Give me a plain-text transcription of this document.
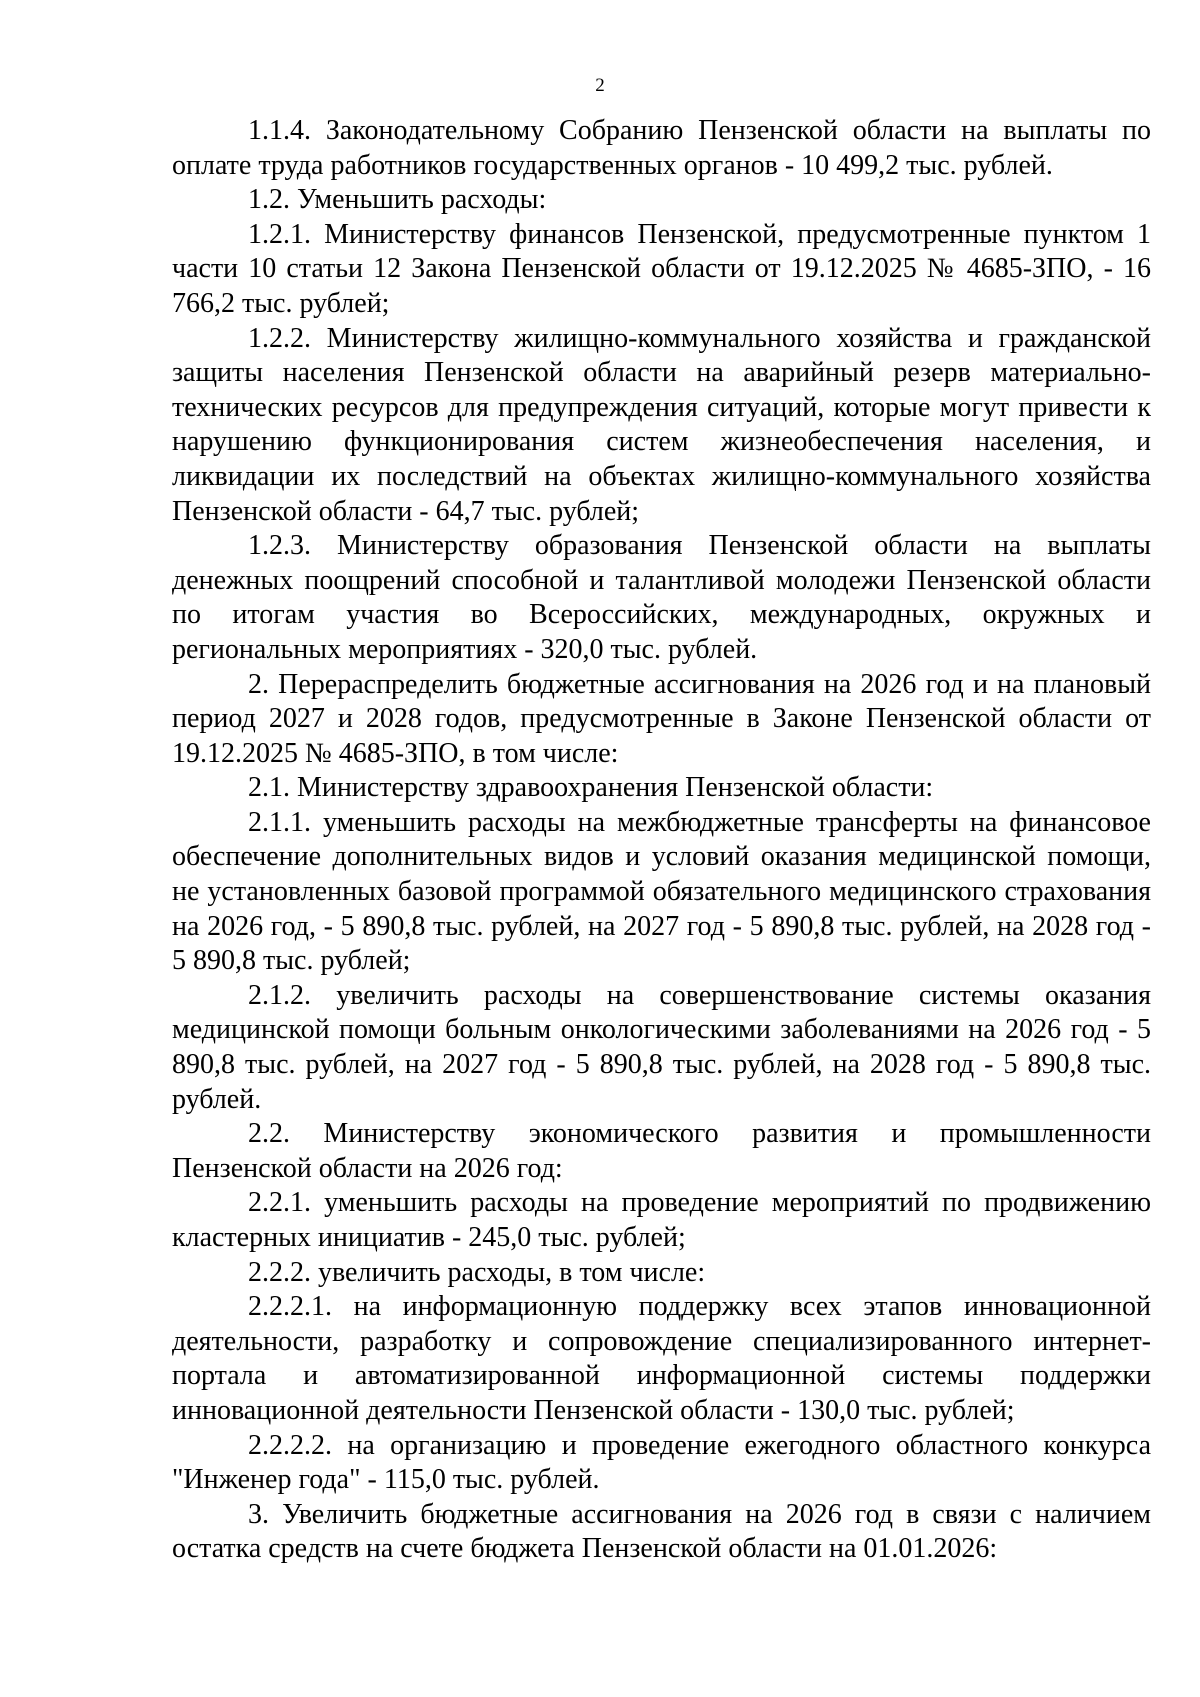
2

1.1.4. Законодательному Собранию Пензенской области на выплаты по оплате труда работников государственных органов - 10 499,2 тыс. рублей.

1.2. Уменьшить расходы:

1.2.1. Министерству финансов Пензенской, предусмотренные пунктом 1 части 10 статьи 12 Закона Пензенской области от 19.12.2025 № 4685-ЗПО, - 16 766,2 тыс. рублей;

1.2.2. Министерству жилищно-коммунального хозяйства и гражданской защиты населения Пензенской области на аварийный резерв материально-технических ресурсов для предупреждения ситуаций, которые могут привести к нарушению функционирования систем жизнеобеспечения населения, и ликвидации их последствий на объектах жилищно-коммунального хозяйства Пензенской области - 64,7 тыс. рублей;

1.2.3. Министерству образования Пензенской области на выплаты денежных поощрений способной и талантливой молодежи Пензенской области по итогам участия во Всероссийских, международных, окружных и региональных мероприятиях - 320,0 тыс. рублей.

2. Перераспределить бюджетные ассигнования на 2026 год и на плановый период 2027 и 2028 годов, предусмотренные в Законе Пензенской области от 19.12.2025 № 4685-ЗПО, в том числе:

2.1. Министерству здравоохранения Пензенской области:

2.1.1. уменьшить расходы на межбюджетные трансферты на финансовое обеспечение дополнительных видов и условий оказания медицинской помощи, не установленных базовой программой обязательного медицинского страхования на 2026 год, - 5 890,8 тыс. рублей, на 2027 год - 5 890,8 тыс. рублей, на 2028 год - 5 890,8 тыс. рублей;

2.1.2. увеличить расходы на совершенствование системы оказания медицинской помощи больным онкологическими заболеваниями на 2026 год - 5 890,8 тыс. рублей, на 2027 год - 5 890,8 тыс. рублей, на 2028 год - 5 890,8 тыс. рублей.

2.2. Министерству экономического развития и промышленности Пензенской области на 2026 год:

2.2.1. уменьшить расходы на проведение мероприятий по продвижению кластерных инициатив - 245,0 тыс. рублей;

2.2.2. увеличить расходы, в том числе:

2.2.2.1. на информационную поддержку всех этапов инновационной деятельности, разработку и сопровождение специализированного интернет-портала и автоматизированной информационной системы поддержки инновационной деятельности Пензенской области - 130,0 тыс. рублей;

2.2.2.2. на организацию и проведение ежегодного областного конкурса "Инженер года" - 115,0 тыс. рублей.

3. Увеличить бюджетные ассигнования на 2026 год в связи с наличием остатка средств на счете бюджета Пензенской области на 01.01.2026:
